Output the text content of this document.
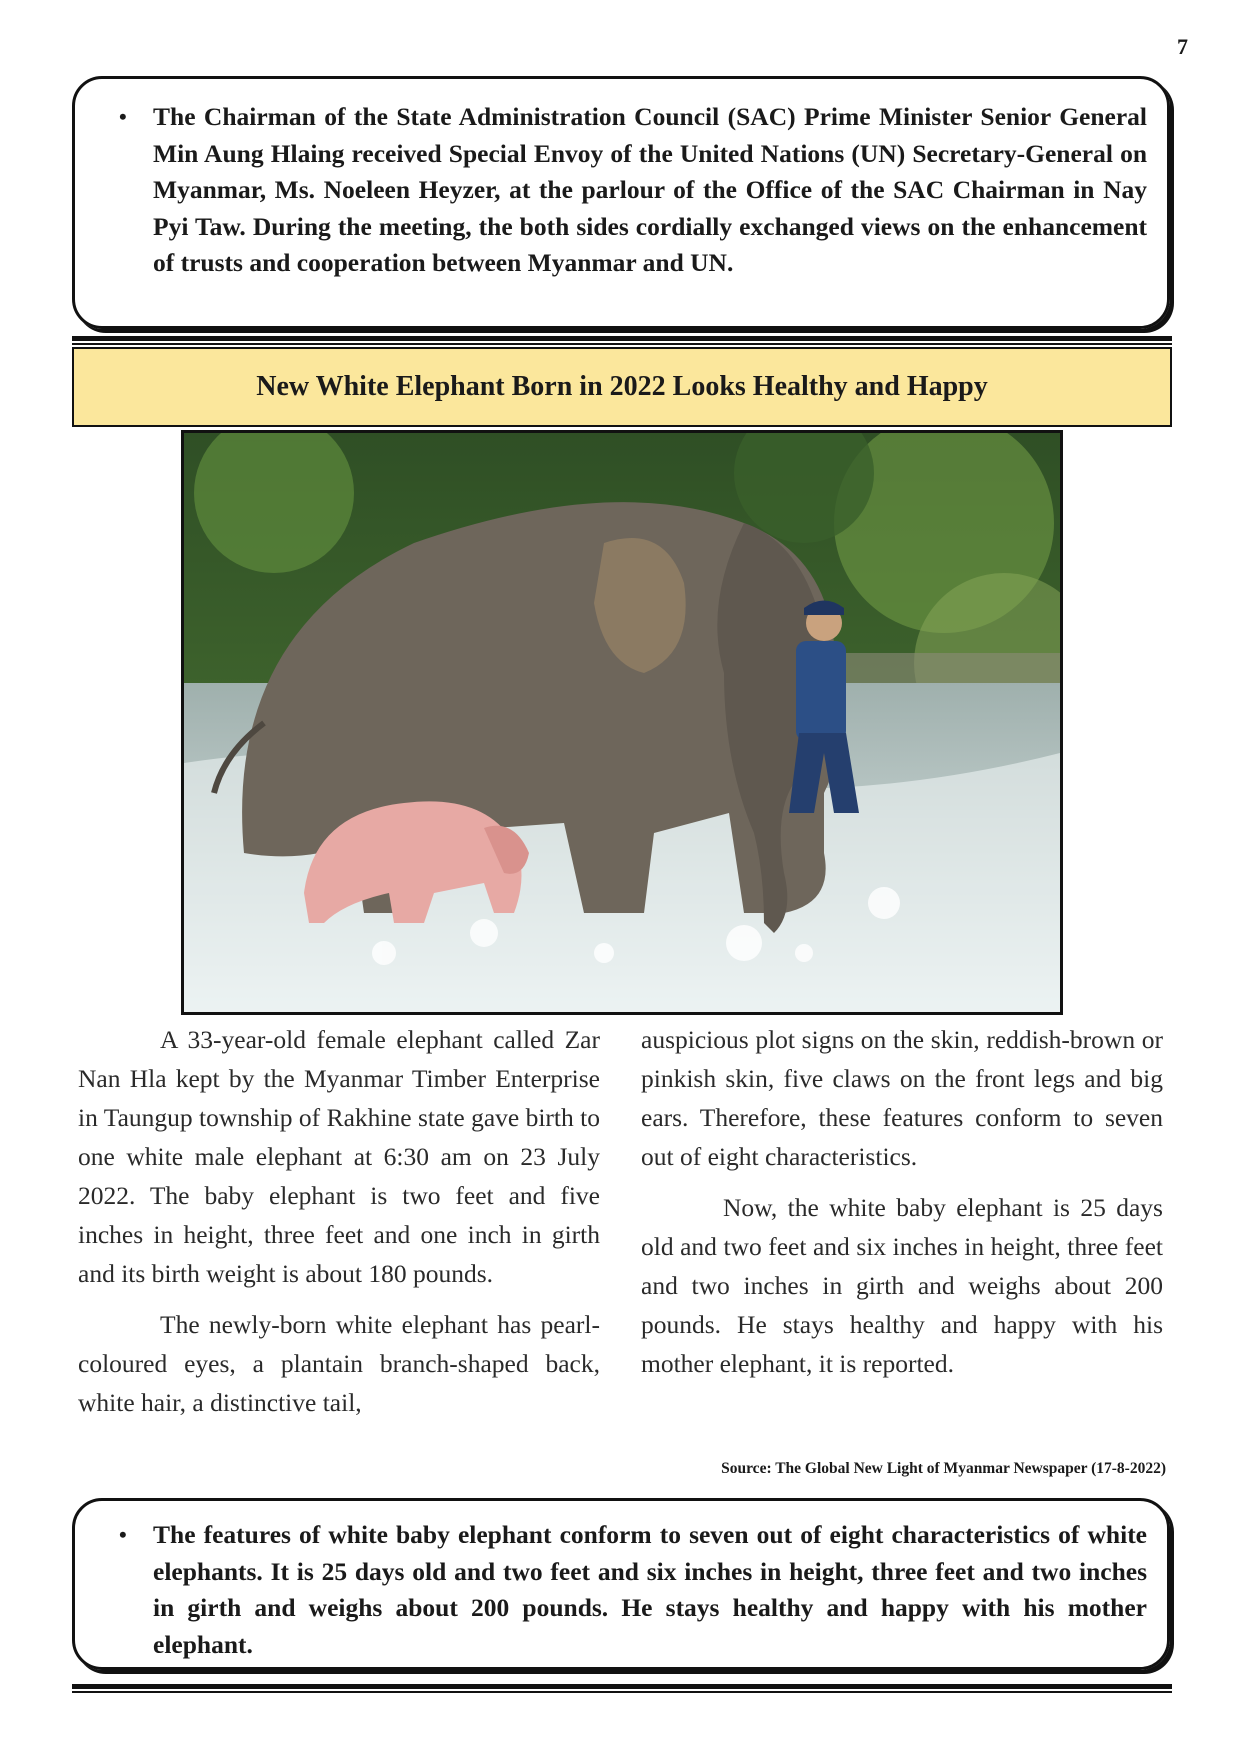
7
• The Chairman of the State Administration Council (SAC) Prime Minister Senior General Min Aung Hlaing received Special Envoy of the United Nations (UN) Secretary-General on Myanmar, Ms. Noeleen Heyzer, at the parlour of the Office of the SAC Chairman in Nay Pyi Taw. During the meeting, the both sides cordially exchanged views on the enhancement of trusts and cooperation between Myanmar and UN.
New White Elephant Born in 2022 Looks Healthy and Happy

A 33-year-old female elephant called Zar Nan Hla kept by the Myanmar Timber Enterprise in Taungup township of Rakhine state gave birth to one white male elephant at 6:30 am on 23 July 2022. The baby elephant is two feet and five inches in height, three feet and one inch in girth and its birth weight is about 180 pounds.

The newly-born white elephant has pearl-coloured eyes, a plantain branch-shaped back, white hair, a distinctive tail,

auspicious plot signs on the skin, reddish-brown or pinkish skin, five claws on the front legs and big ears. Therefore, these features conform to seven out of eight characteristics.

Now, the white baby elephant is 25 days old and two feet and six inches in height, three feet and two inches in girth and weighs about 200 pounds. He stays healthy and happy with his mother elephant, it is reported.

Source: The Global New Light of Myanmar Newspaper (17-8-2022)
• The features of white baby elephant conform to seven out of eight characteristics of white elephants. It is 25 days old and two feet and six inches in height, three feet and two inches in girth and weighs about 200 pounds. He stays healthy and happy with his mother elephant.
